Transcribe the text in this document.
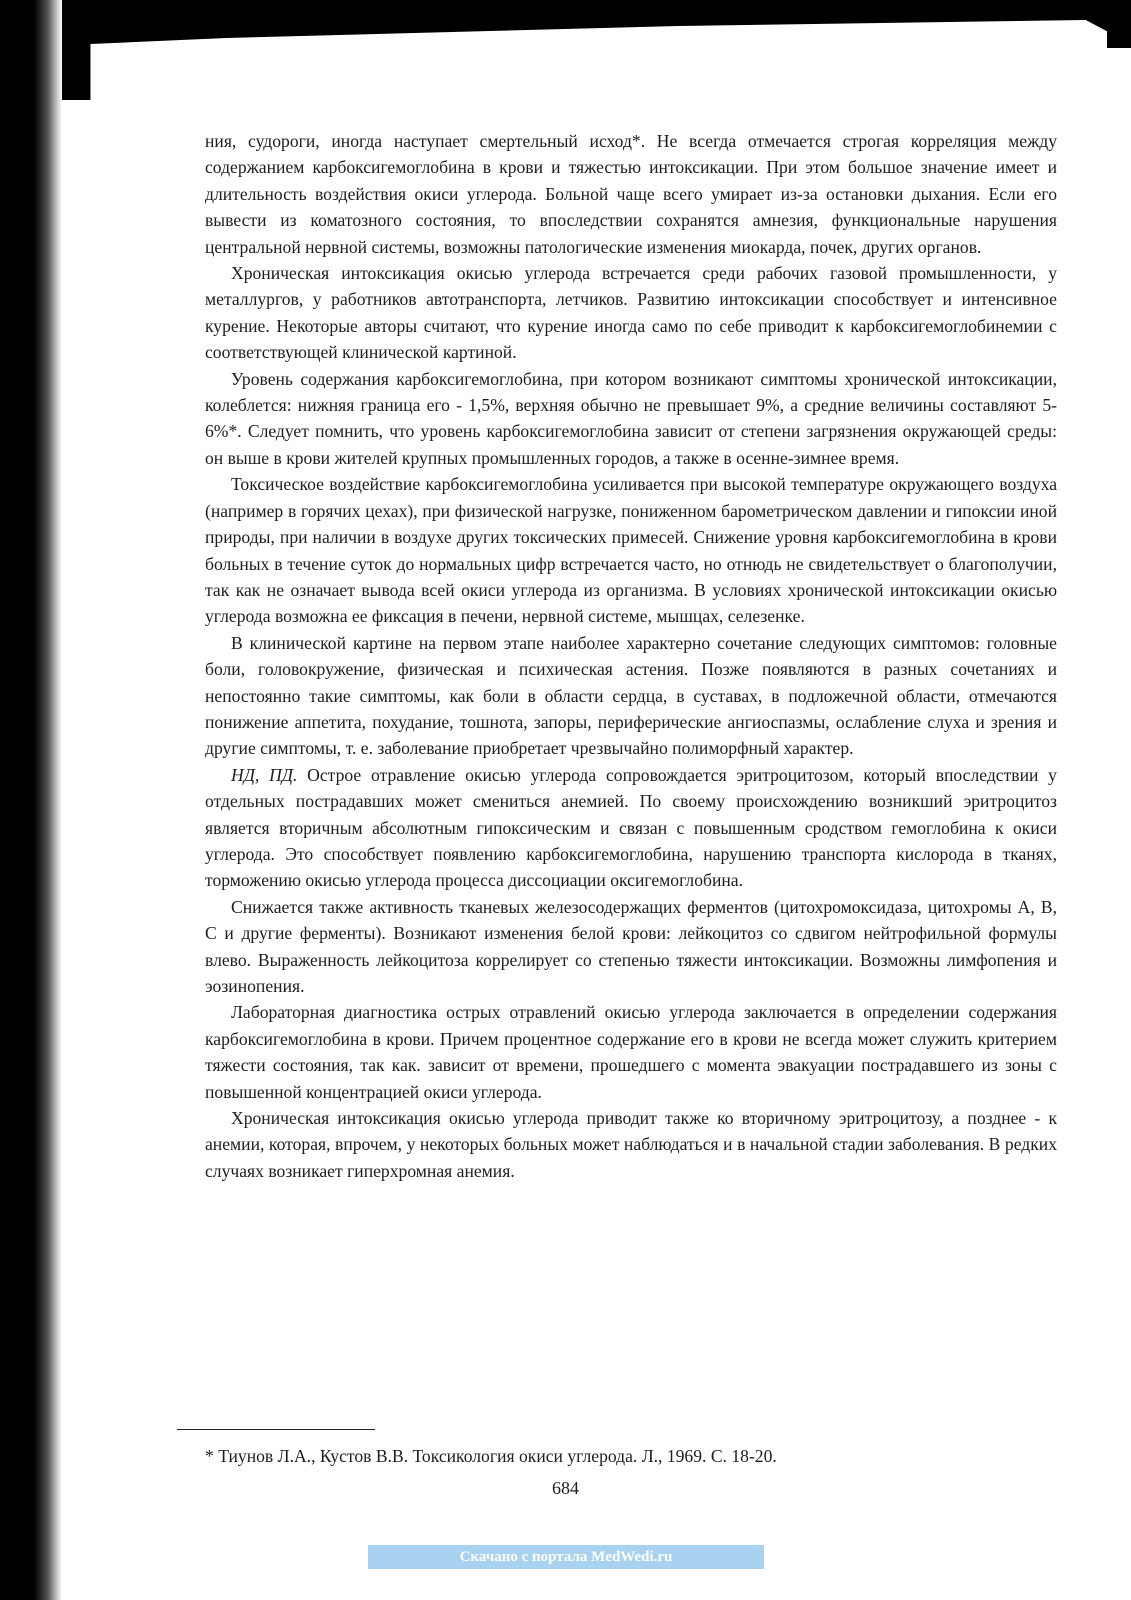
ния, судороги, иногда наступает смертельный исход*. Не всегда отмечается строгая корреляция между содержанием карбоксигемоглобина в крови и тяжестью интоксикации. При этом большое значение имеет и длительность воздействия окиси углерода. Больной чаще всего умирает из-за остановки дыхания. Если его вывести из коматозного состояния, то впоследствии сохранятся амнезия, функциональные нарушения центральной нервной системы, возможны патологические изменения миокарда, почек, других органов.

Хроническая интоксикация окисью углерода встречается среди рабочих газовой промышленности, у металлургов, у работников автотранспорта, летчиков. Развитию интоксикации способствует и интенсивное курение. Некоторые авторы считают, что курение иногда само по себе приводит к карбоксигемоглобинемии с соответствующей клинической картиной.

Уровень содержания карбоксигемоглобина, при котором возникают симптомы хронической интоксикации, колеблется: нижняя граница его - 1,5%, верхняя обычно не превышает 9%, а средние величины составляют 5-6%*. Следует помнить, что уровень карбоксигемоглобина зависит от степени загрязнения окружающей среды: он выше в крови жителей крупных промышленных городов, а также в осенне-зимнее время.

Токсическое воздействие карбоксигемоглобина усиливается при высокой температуре окружающего воздуха (например в горячих цехах), при физической нагрузке, пониженном барометрическом давлении и гипоксии иной природы, при наличии в воздухе других токсических примесей. Снижение уровня карбоксигемоглобина в крови больных в течение суток до нормальных цифр встречается часто, но отнюдь не свидетельствует о благополучии, так как не означает вывода всей окиси углерода из организма. В условиях хронической интоксикации окисью углерода возможна ее фиксация в печени, нервной системе, мышцах, селезенке.

В клинической картине на первом этапе наиболее характерно сочетание следующих симптомов: головные боли, головокружение, физическая и психическая астения. Позже появляются в разных сочетаниях и непостоянно такие симптомы, как боли в области сердца, в суставах, в подложечной области, отмечаются понижение аппетита, похудание, тошнота, запоры, периферические ангиоспазмы, ослабление слуха и зрения и другие симптомы, т. е. заболевание приобретает чрезвычайно полиморфный характер.

НД, ПД. Острое отравление окисью углерода сопровождается эритроцитозом, который впоследствии у отдельных пострадавших может смениться анемией. По своему происхождению возникший эритроцитоз является вторичным абсолютным гипоксическим и связан с повышенным сродством гемоглобина к окиси углерода. Это способствует появлению карбоксигемоглобина, нарушению транспорта кислорода в тканях, торможению окисью углерода процесса диссоциации оксигемоглобина.

Снижается также активность тканевых железосодержащих ферментов (цитохромоксидаза, цитохромы А, В, С и другие ферменты). Возникают изменения белой крови: лейкоцитоз со сдвигом нейтрофильной формулы влево. Выраженность лейкоцитоза коррелирует со степенью тяжести интоксикации. Возможны лимфопения и эозинопения.

Лабораторная диагностика острых отравлений окисью углерода заключается в определении содержания карбоксигемоглобина в крови. Причем процентное содержание его в крови не всегда может служить критерием тяжести состояния, так как. зависит от времени, прошедшего с момента эвакуации пострадавшего из зоны с повышенной концентрацией окиси углерода.

Хроническая интоксикация окисью углерода приводит также ко вторичному эритроцитозу, а позднее - к анемии, которая, впрочем, у некоторых больных может наблюдаться и в начальной стадии заболевания. В редких случаях возникает гиперхромная анемия.

* Тиунов Л.А., Кустов В.В. Токсикология окиси углерода. Л., 1969. С. 18-20.
684
Скачано с портала MedWedi.ru
